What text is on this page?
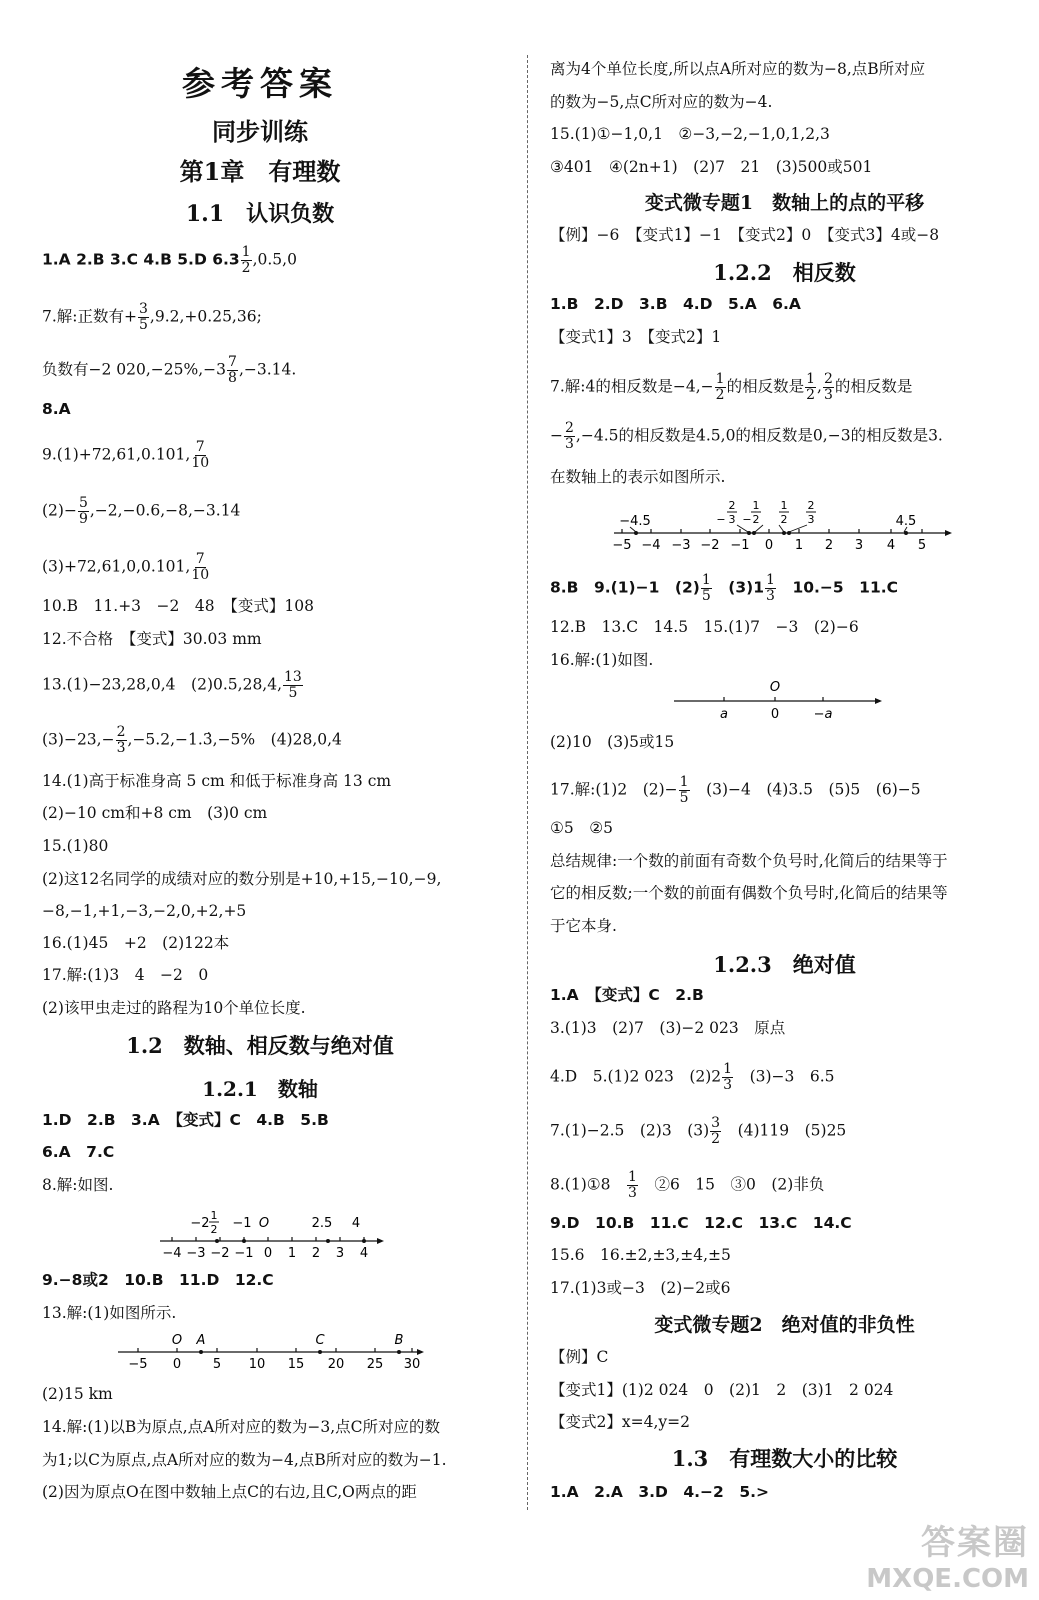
参考答案
同步训练
第1章　有理数
1.1　认识负数
1.A 2.B 3.C 4.B 5.D $6.3 \frac{1}{2} ,0.5,0$
7.解:正数有+ $\frac{3}{5} ,9.2,+0.25,36$;
负数有−2 $020,-25\%,-3 \frac{7}{8} ,-3.14$.
8.A
9.(1)+72,61,0.101, $\frac{7}{10}$
$(2)- \frac{5}{9} ,-2,-0.6,-8,-3.14$
(3)+72,61,0,0.101, $\frac{7}{10}$
10.B　11.+3　−2　48　【变式】108
12.不合格　【变式】30.03 mm
13.(1)−23,28,0,4　(2)0.5,28,4, $\frac{13}{5}$
$(3)-23,- \frac{2}{3}$ ,−5.2,−1.3̇,−5%　(4)28,0,4
14.(1)高于标准身高 5 cm 和低于标准身高 13 cm
(2)−10 cm和+8 cm　(3)0 cm
15.(1)80
(2)这12名同学的成绩对应的数分别是+10,+15,−10,−9,
−8,−1,+1,−3,−2,0,+2,+5
16.(1)45　+2　(2)122本
17.解:(1)3　4　−2　0
(2)该甲虫走过的路程为10个单位长度.
1.2　数轴、相反数与绝对值
1.2.1　数轴
1.D　2.B　3.A　【变式】C　4.B　5.B
6.A　7.C
8.解:如图.
−4 −3 −2 −1 0 1 2 3 4
−2
1
2 −1 O	2.5 4
9.−8或2　10.B　11.D　12.C
13.解:(1)如图所示.
−5 0 5 10 15 20 25 30
O A	C	B
(2)15 km
14.解:(1)以B为原点,点A所对应的数为−3,点C所对应的数
为1;以C为原点,点A所对应的数为−4,点B所对应的数为−1.
(2)因为原点O在图中数轴上点C的右边,且C,O两点的距
离为4个单位长度,所以点A所对应的数为−8,点B所对应
的数为−5,点C所对应的数为−4.
15.(1)①−1,0,1　②−3,−2,−1,0,1,2,3
③401　④(2n+1)　(2)7　21　(3)500或501
变式微专题1　数轴上的点的平移
【例】−6　【变式1】−1　【变式2】0　【变式3】4或−8
1.2.2　相反数
1.B　2.D　3.B　4.D　5.A　6.A
【变式1】3　【变式2】1
7.解:4的相反数是$-4,- \frac{1}{2}$ 的相反数是 $\frac{1}{2}$ , $\frac{2}{3}$ 的相反数是
− $\frac{2}{3} ,-4.5$的相反数是4.5,0的相反数是0,−3的相反数是3.
在数轴上的表示如图所示.
−5 −4 −3 −2 −1 0 1 2 3 4 5
−4.5	−
2
3 −
1
2
1
2
2
3	4.5
8.B　9.(1)−1　$(2) \frac{1}{5}$ 　$(3)1 \frac{1}{3}$ 　10.−5　11.C
12.B　13.C　14.5　15.(1)7　−3　(2)−6
16.解:(1)如图.
O
a	0	−a
(2)10　(3)5或15
17.解:(1)2　$(2)- \frac{1}{5}$ 　(3)−4　(4)3.5　(5)5　(6)−5
①5　②5
总结规律:一个数的前面有奇数个负号时,化简后的结果等于
它的相反数;一个数的前面有偶数个负号时,化简后的结果等
于它本身.
1.2.3　绝对值
1.A　【变式】C　2.B
3.(1)3　(2)7　(3)−2 023　原点
4.D　5.(1)2 023　$(2)2 \frac{1}{3}$ 　(3)−3　6.5
7.(1)−2.5　(2)3　$(3) \frac{3}{2}$ 　(4)119　(5)25
8.(1)①8　 $\frac{1}{3}$ 　②6　15　③0　(2)非负
9.D　10.B　11.C　12.C　13.C　14.C
15.6　16.±2,±3,±4,±5
17.(1)3或−3　(2)−2或6
变式微专题2　绝对值的非负性
【例】C
【变式1】(1)2 024　0　(2)1　2　(3)1　2 024
【变式2】x=4,y=2
1.3　有理数大小的比较
1.A　2.A　3.D　4.−2　5.>
答案圈
MXQE.COM
